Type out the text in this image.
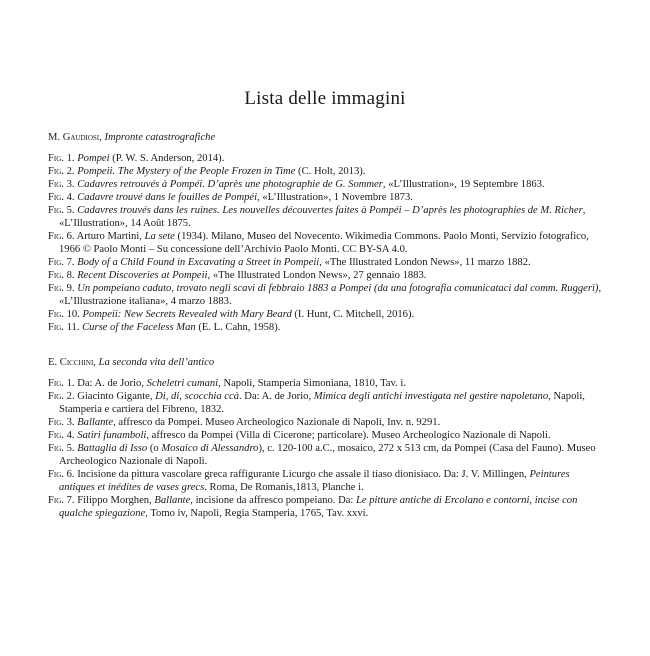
Lista delle immagini

M. Gaudiosi, Impronte catastrografiche

Fig. 1. Pompei (P. W. S. Anderson, 2014).
Fig. 2. Pompeii. The Mystery of the People Frozen in Time (C. Holt, 2013).
Fig. 3. Cadavres retrouvés à Pompéi. D’après une photographie de G. Sommer, «L’Illustration», 19 Septembre 1863.
Fig. 4. Cadavre trouvé dans le fouilles de Pompéi, «L’Illustration», 1 Novembre 1873.
Fig. 5. Cadavres trouvés dans les ruines. Les nouvelles découvertes faites à Pompéi – D’après les photographies de M. Richer, «L’Illustration», 14 Août 1875.
Fig. 6. Arturo Martini, La sete (1934). Milano, Museo del Novecento. Wikimedia Commons. Paolo Monti, Servizio fotografico, 1966 © Paolo Monti – Su concessione dell’Archivio Paolo Monti. CC BY-SA 4.0.
Fig. 7. Body of a Child Found in Excavating a Street in Pompeii, «The Illustrated London News», 11 marzo 1882.
Fig. 8. Recent Discoveries at Pompeii, «The Illustrated London News», 27 gennaio 1883.
Fig. 9. Un pompeiano caduto, trovato negli scavi di febbraio 1883 a Pompei (da una fotografia comunicataci dal comm. Ruggeri), «L’Illustrazione italiana», 4 marzo 1883.
Fig. 10. Pompeii: New Secrets Revealed with Mary Beard (I. Hunt, C. Mitchell, 2016).
Fig. 11. Curse of the Faceless Man (E. L. Cahn, 1958).

E. Cicchini, La seconda vita dell’antico

Fig. 1. Da: A. de Jorio, Scheletri cumani, Napoli, Stamperia Simoniana, 1810, Tav. i.
Fig. 2. Giacinto Gigante, Di, di, scocchia ccà. Da: A. de Jorio, Mimica degli antichi investigata nel gestire napoletano, Napoli, Stamperia e cartiera del Fibreno, 1832.
Fig. 3. Ballante, affresco da Pompei. Museo Archeologico Nazionale di Napoli, Inv. n. 9291.
Fig. 4. Satiri funamboli, affresco da Pompei (Villa di Cicerone; particolare). Museo Archeologico Nazionale di Napoli.
Fig. 5. Battaglia di Isso (o Mosaico di Alessandro), c. 120-100 a.C., mosaico, 272 x 513 cm, da Pompei (Casa del Fauno). Museo Archeologico Nazionale di Napoli.
Fig. 6. Incisione da pittura vascolare greca raffigurante Licurgo che assale il tiaso dionisiaco. Da: J. V. Millingen, Peintures antiques et inédites de vases grecs. Roma, De Romanis,1813, Planche i.
Fig. 7. Filippo Morghen, Ballante, incisione da affresco pompeiano. Da: Le pitture antiche di Ercolano e contorni, incise con qualche spiegazione, Tomo iv, Napoli, Regia Stamperia, 1765, Tav. xxvi.
